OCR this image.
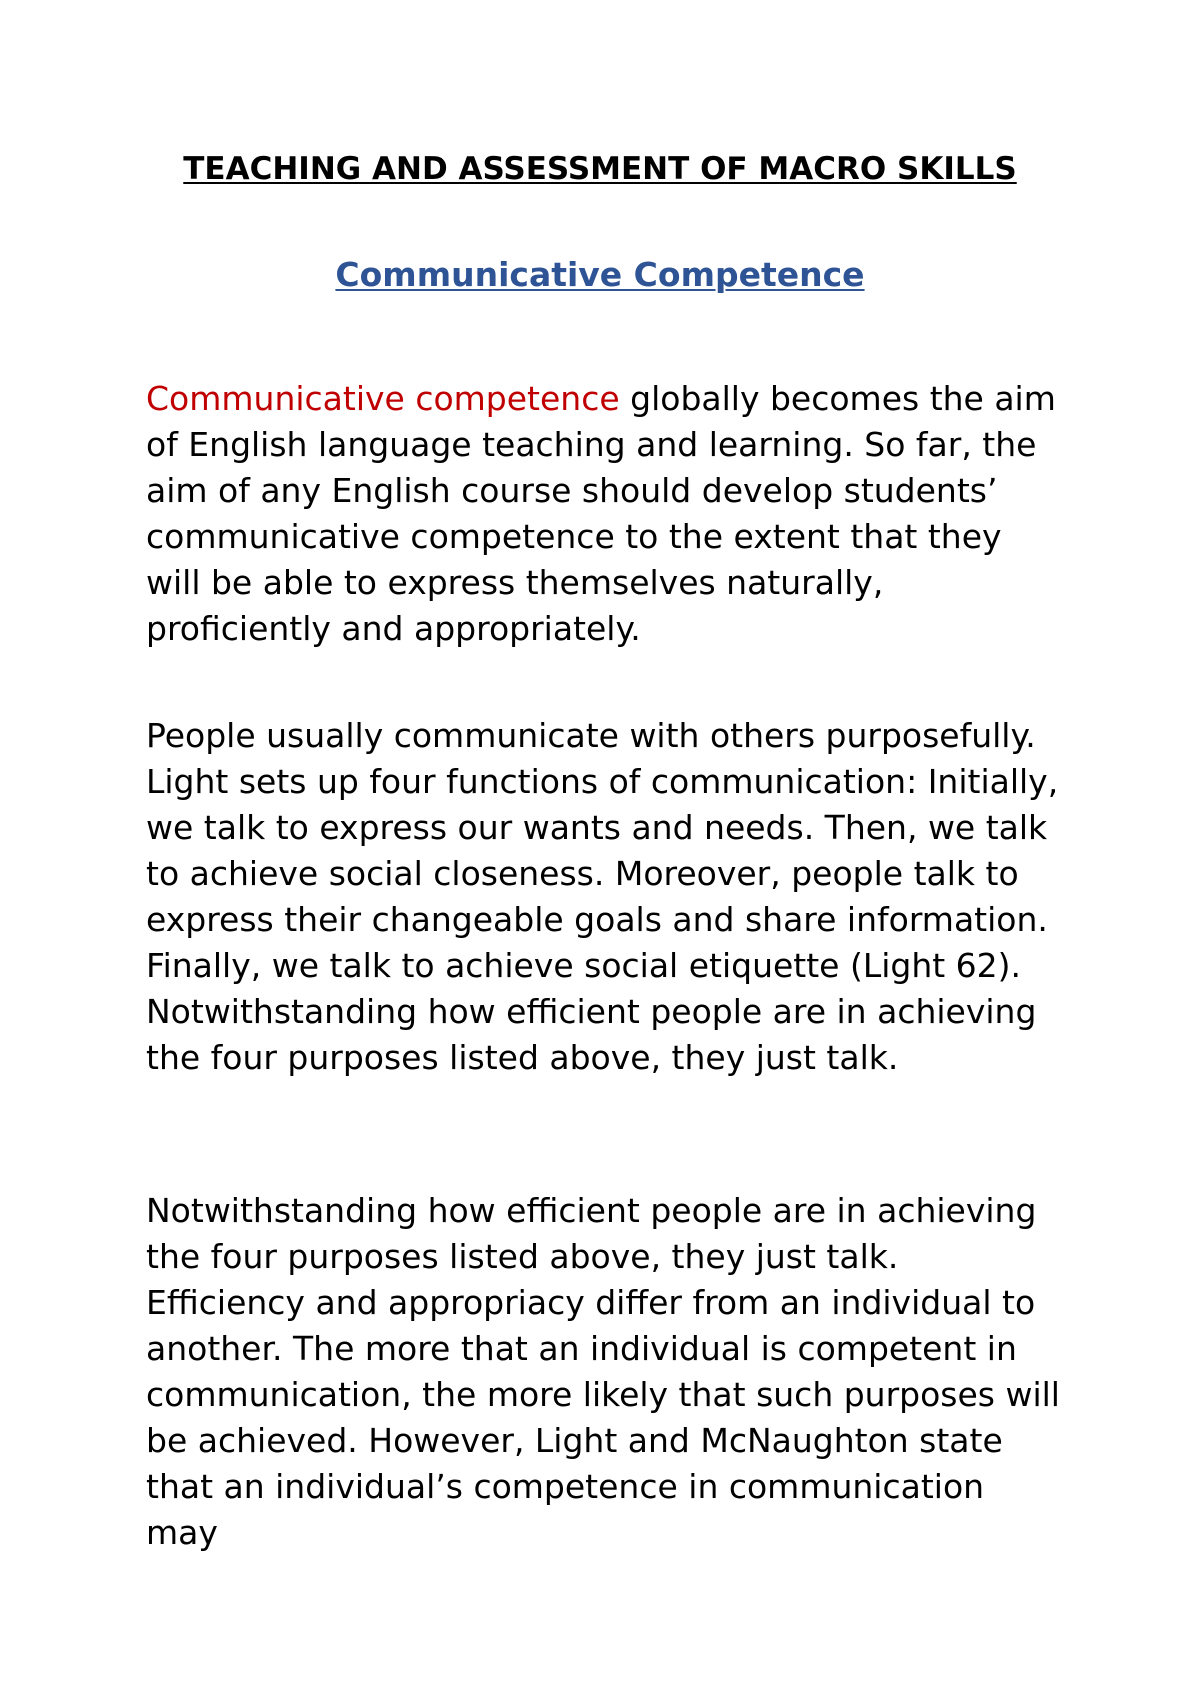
TEACHING AND ASSESSMENT OF MACRO SKILLS
Communicative Competence

Communicative competence globally becomes the aim of English language teaching and learning. So far, the aim of any English course should develop students’ communicative competence to the extent that they will be able to express themselves naturally, proficiently and appropriately.

People usually communicate with others purposefully. Light sets up four functions of communication: Initially, we talk to express our wants and needs. Then, we talk to achieve social closeness. Moreover, people talk to express their changeable goals and share information. Finally, we talk to achieve social etiquette (Light 62). Notwithstanding how efficient people are in achieving the four purposes listed above, they just talk.

Notwithstanding how efficient people are in achieving the four purposes listed above, they just talk. Efficiency and appropriacy differ from an individual to another. The more that an individual is competent in communication, the more likely that such purposes will be achieved. However, Light and McNaughton state that an individual’s competence in communication may
